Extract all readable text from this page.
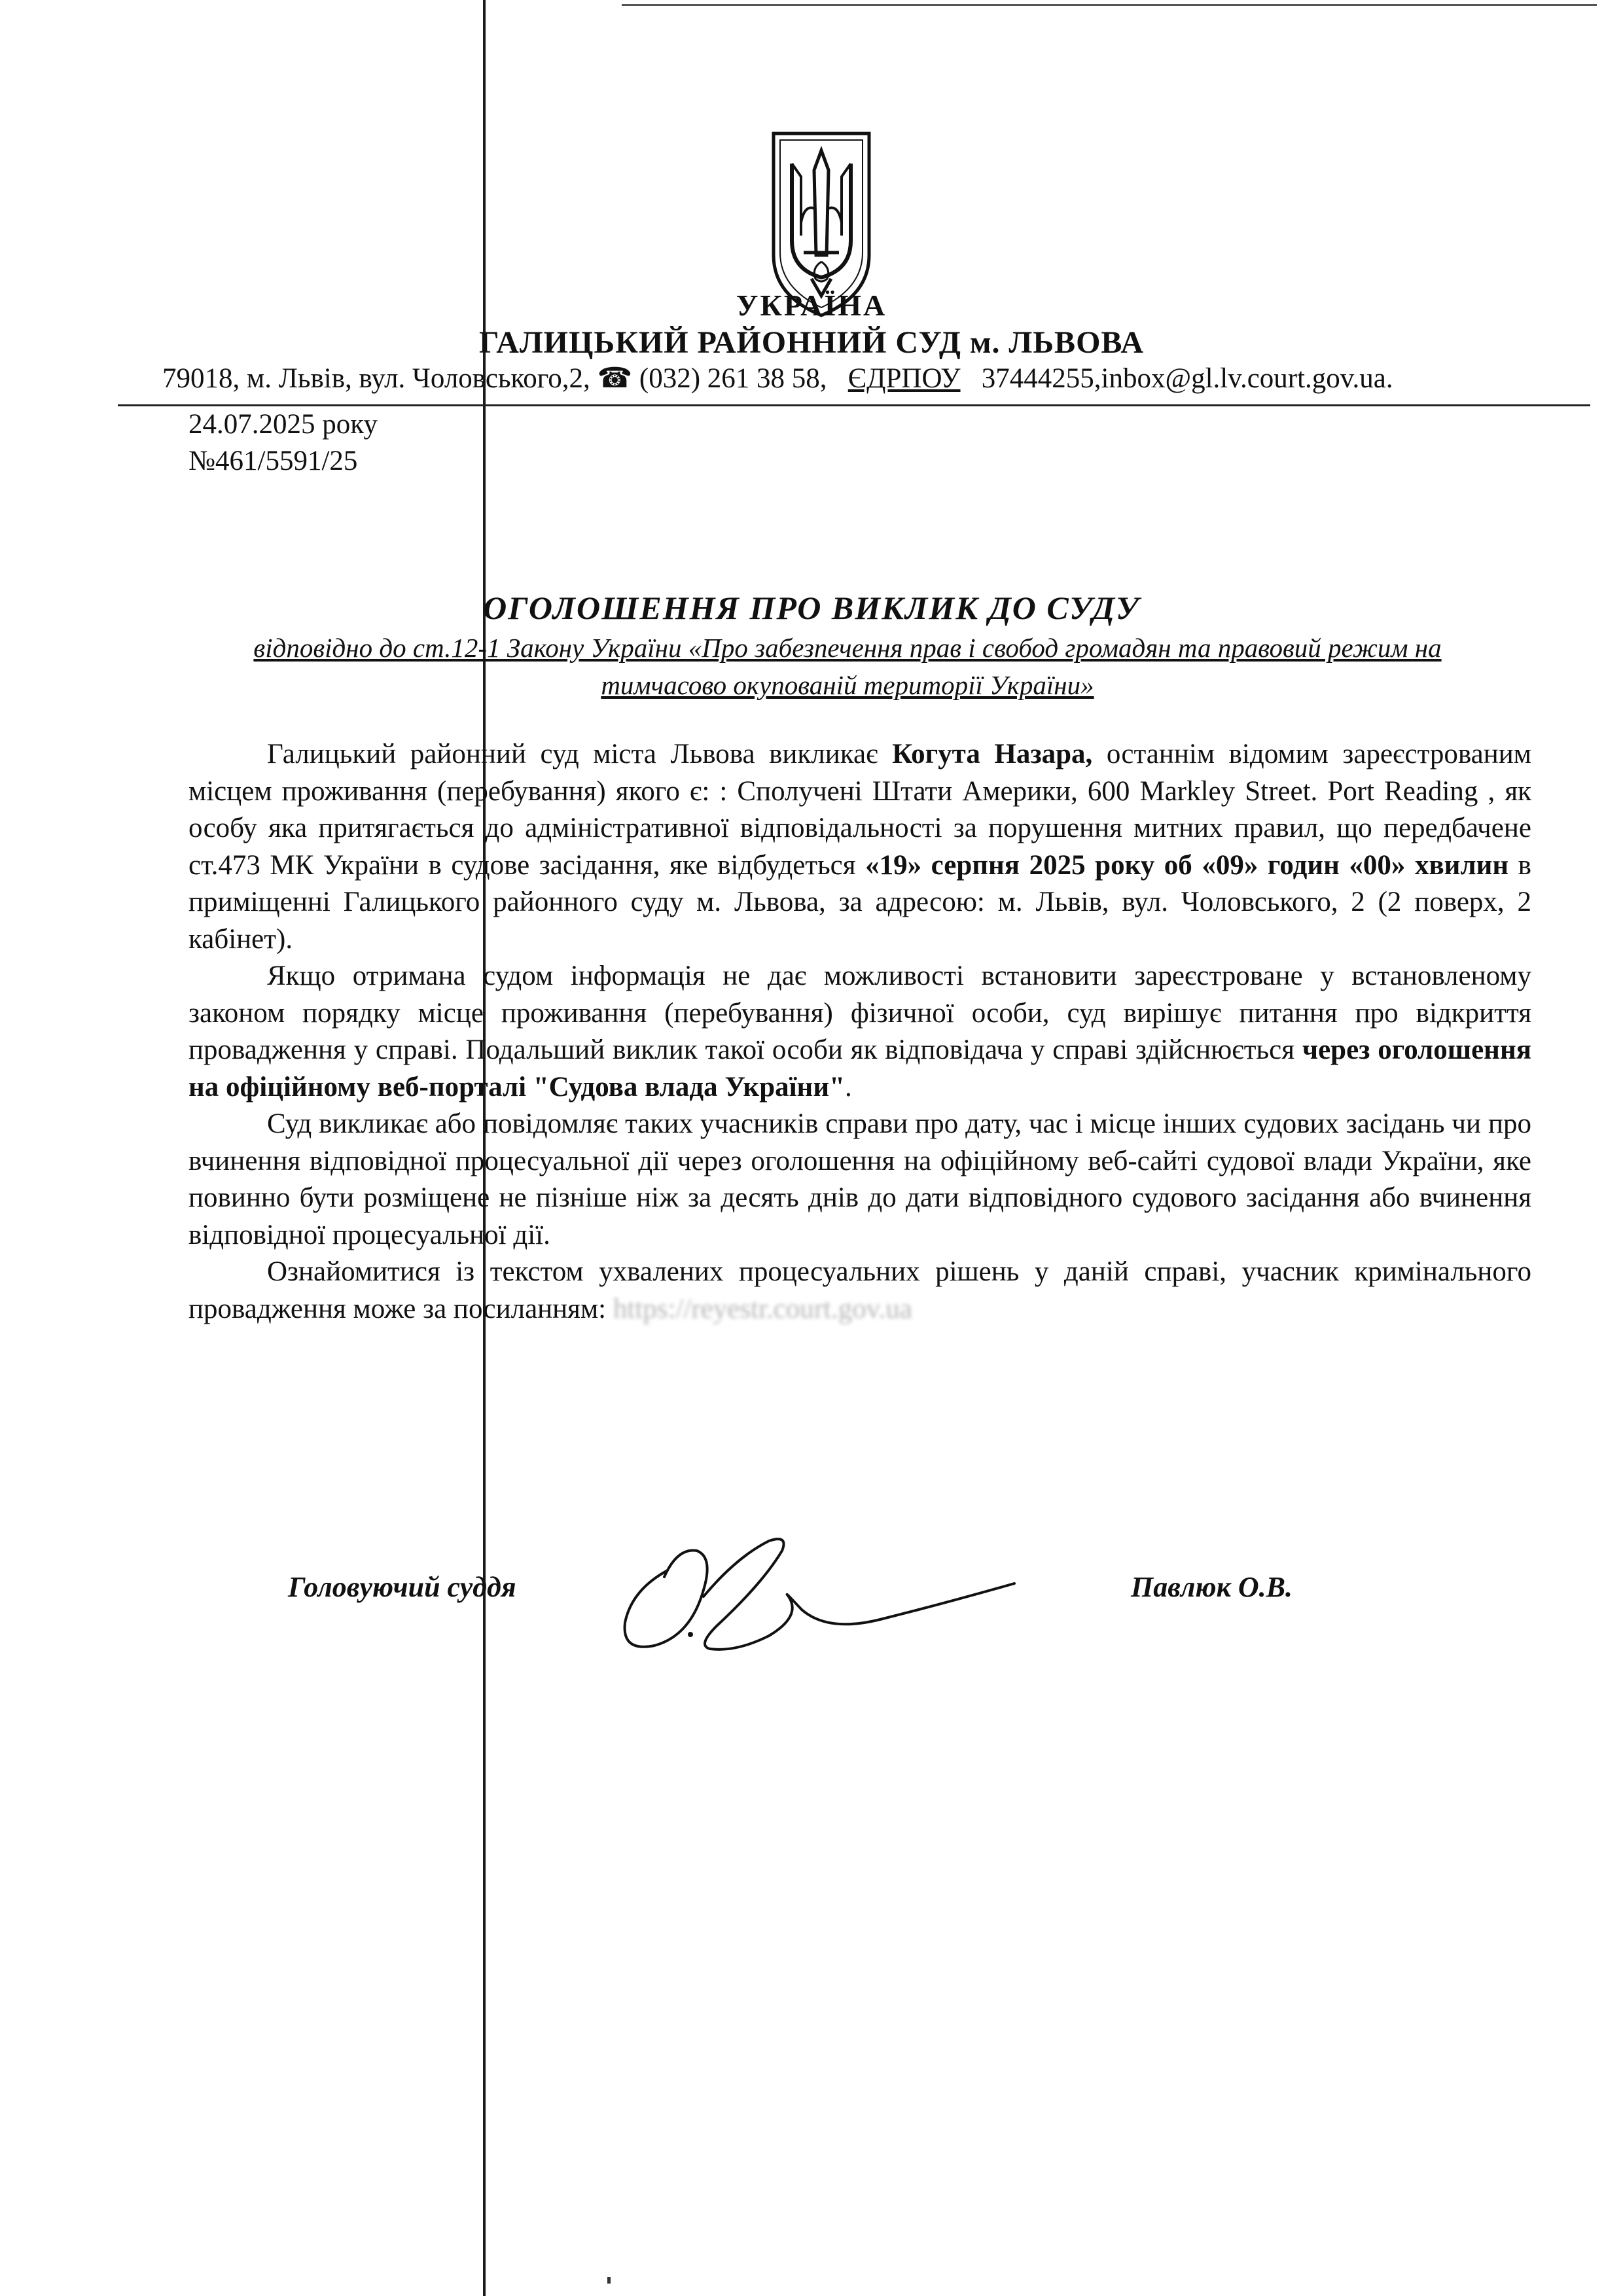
УКРАЇНА
ГАЛИЦЬКИЙ РАЙОННИЙ СУД м. ЛЬВОВА
79018, м. Львів, вул. Чоловського,2, ☎ (032) 261 38 58, ЄДРПОУ 37444255,inbox@gl.lv.court.gov.ua.
24.07.2025 року
№461/5591/25
ОГОЛОШЕННЯ ПРО ВИКЛИК ДО СУДУ
відповідно до ст.12-1 Закону України «Про забезпечення прав і свобод громадян та правовий режим на тимчасово окупованій території України»

Галицький районний суд міста Львова викликає Когута Назара, останнім відомим зареєстрованим місцем проживання (перебування) якого є: : Сполучені Штати Америки, 600 Markley Street. Port Reading , як особу яка притягається до адміністративної відповідальності за порушення митних правил, що передбачене ст.473 МК України в судове засідання, яке відбудеться «19» серпня 2025 року об «09» годин «00» хвилин в приміщенні Галицького районного суду м. Львова, за адресою: м. Львів, вул. Чоловського, 2 (2 поверх, 2 кабінет).

Якщо отримана судом інформація не дає можливості встановити зареєстроване у встановленому законом порядку місце проживання (перебування) фізичної особи, суд вирішує питання про відкриття провадження у справі. Подальший виклик такої особи як відповідача у справі здійснюється через оголошення на офіційному веб-порталі "Судова влада України".

Суд викликає або повідомляє таких учасників справи про дату, час і місце інших судових засідань чи про вчинення відповідної процесуальної дії через оголошення на офіційному веб-сайті судової влади України, яке повинно бути розміщене не пізніше ніж за десять днів до дати відповідного судового засідання або вчинення відповідної процесуальної дії.

Ознайомитися із текстом ухвалених процесуальних рішень у даній справі, учасник кримінального провадження може за посиланням: https://reyestr.court.gov.ua

Головуючий суддя	Павлюк О.В.
